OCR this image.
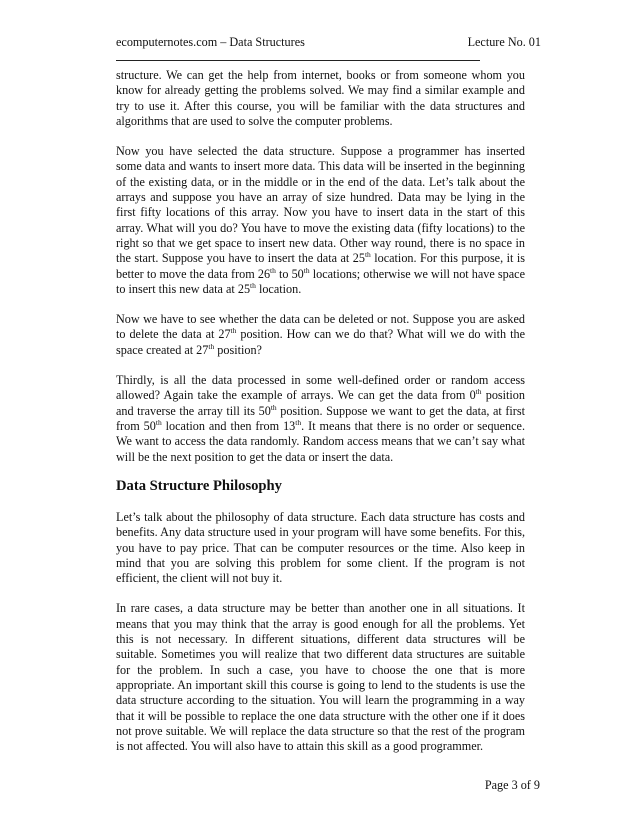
ecomputernotes.com – Data Structures	Lecture No. 01

structure. We can get the help from internet, books or from someone whom you know for already getting the problems solved. We may find a similar example and try to use it. After this course, you will be familiar with the data structures and algorithms that are used to solve the computer problems.

Now you have selected the data structure. Suppose a programmer has inserted some data and wants to insert more data. This data will be inserted in the beginning of the existing data, or in the middle or in the end of the data. Let’s talk about the arrays and suppose you have an array of size hundred. Data may be lying in the first fifty locations of this array. Now you have to insert data in the start of this array. What will you do? You have to move the existing data (fifty locations) to the right so that we get space to insert new data. Other way round, there is no space in the start. Suppose you have to insert the data at 25th location. For this purpose, it is better to move the data from 26th to 50th locations; otherwise we will not have space to insert this new data at 25th location.

Now we have to see whether the data can be deleted or not. Suppose you are asked to delete the data at 27th position. How can we do that? What will we do with the space created at 27th position?

Thirdly, is all the data processed in some well-defined order or random access allowed? Again take the example of arrays. We can get the data from 0th position and traverse the array till its 50th position. Suppose we want to get the data, at first from 50th location and then from 13th. It means that there is no order or sequence. We want to access the data randomly. Random access means that we can’t say what will be the next position to get the data or insert the data.

Data Structure Philosophy

Let’s talk about the philosophy of data structure. Each data structure has costs and benefits. Any data structure used in your program will have some benefits. For this, you have to pay price. That can be computer resources or the time. Also keep in mind that you are solving this problem for some client. If the program is not efficient, the client will not buy it.

In rare cases, a data structure may be better than another one in all situations. It means that you may think that the array is good enough for all the problems. Yet this is not necessary. In different situations, different data structures will be suitable. Sometimes you will realize that two different data structures are suitable for the problem. In such a case, you have to choose the one that is more appropriate. An important skill this course is going to lend to the students is use the data structure according to the situation. You will learn the programming in a way that it will be possible to replace the one data structure with the other one if it does not prove suitable. We will replace the data structure so that the rest of the program is not affected. You will also have to attain this skill as a good programmer.

Page 3 of 9
